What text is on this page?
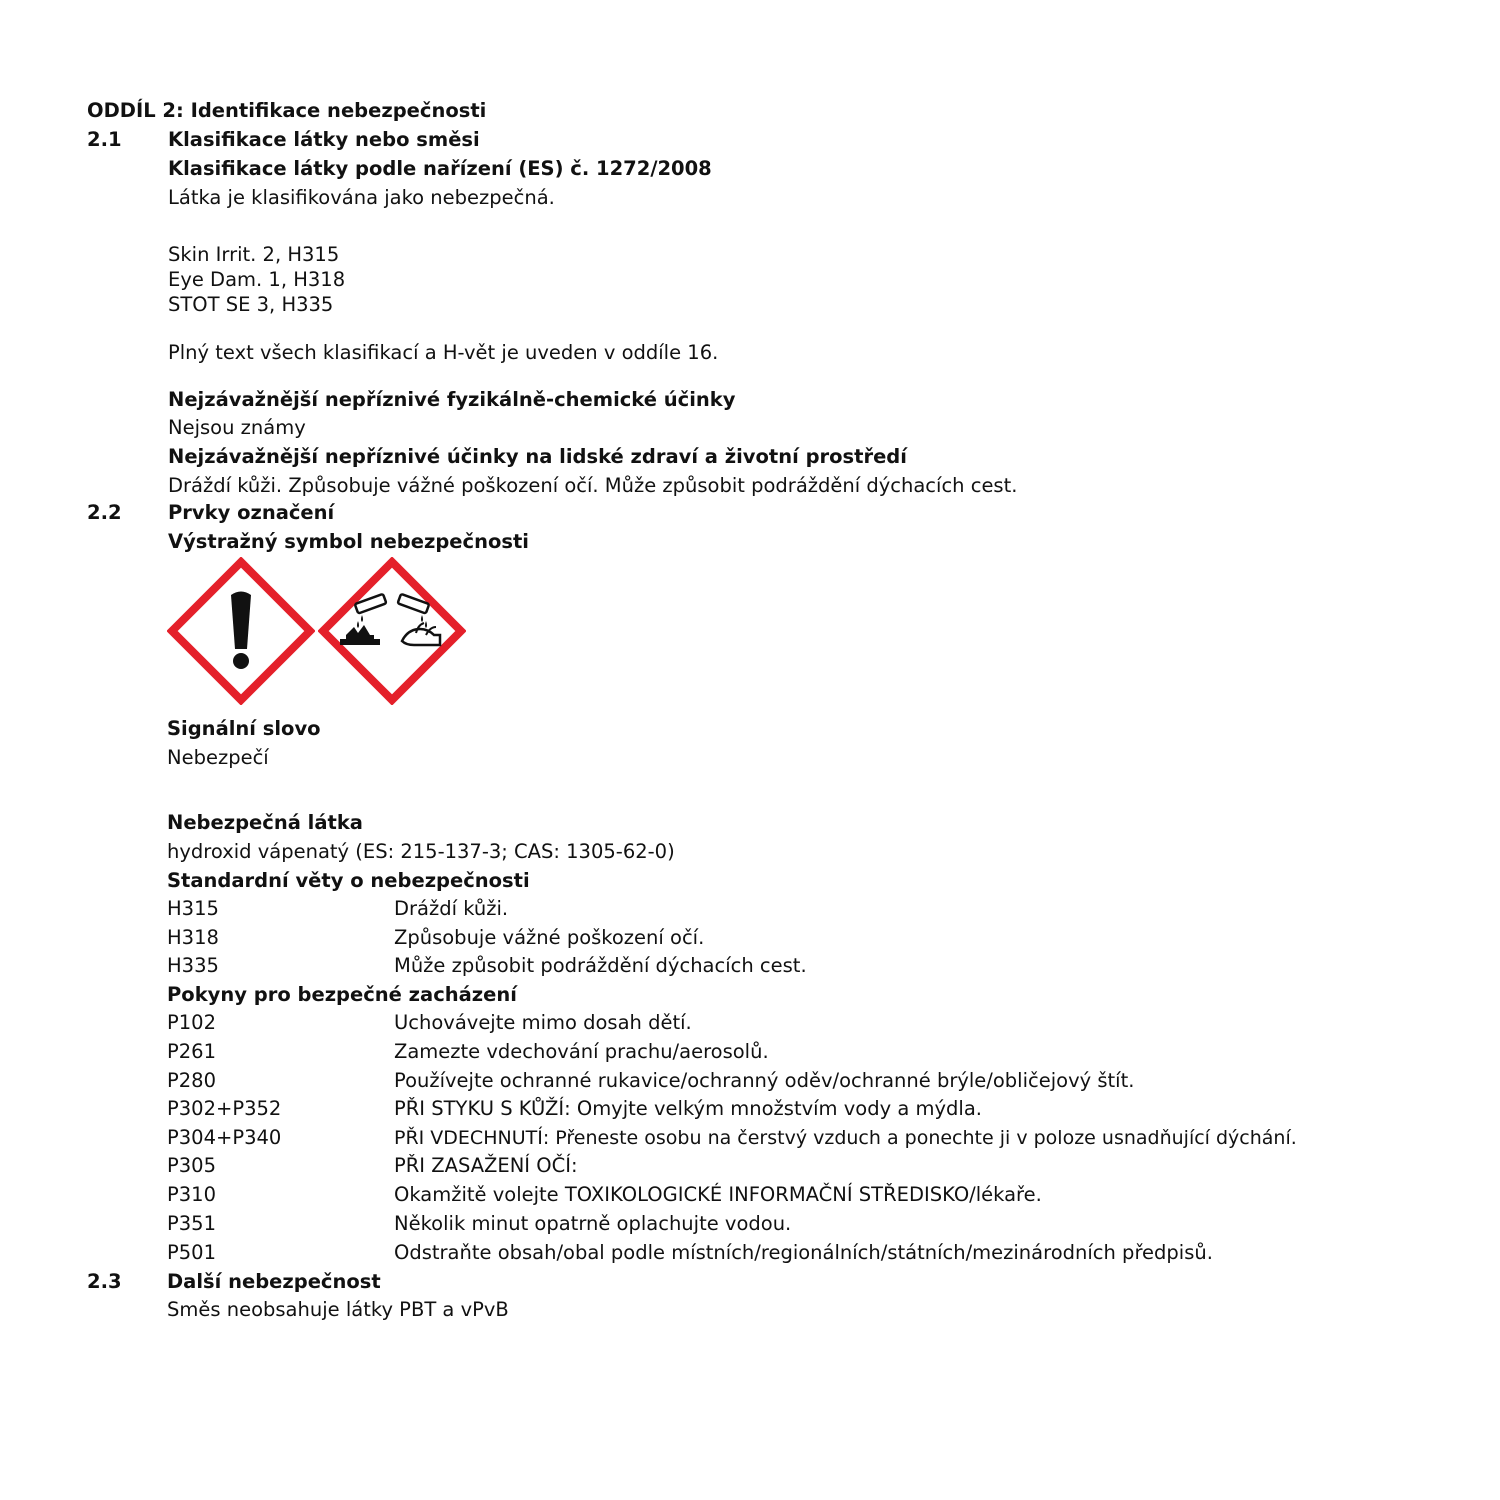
ODDÍL 2: Identifikace nebezpečnosti
2.1 Klasifikace látky nebo směsi
Klasifikace látky podle nařízení (ES) č. 1272/2008
Látka je klasifikována jako nebezpečná.
Skin Irrit. 2, H315
Eye Dam. 1, H318
STOT SE 3, H335
Plný text všech klasifikací a H-vět je uveden v oddíle 16.
Nejzávažnější nepříznivé fyzikálně-chemické účinky
Nejsou známy
Nejzávažnější nepříznivé účinky na lidské zdraví a životní prostředí
Dráždí kůži. Způsobuje vážné poškození očí. Může způsobit podráždění dýchacích cest.
2.2 Prvky označení
Výstražný symbol nebezpečnosti
Signální slovo
Nebezpečí
Nebezpečná látka
hydroxid vápenatý (ES: 215-137-3; CAS: 1305-62-0)
Standardní věty o nebezpečnosti
H315	Dráždí kůži.
H318	Způsobuje vážné poškození očí.
H335	Může způsobit podráždění dýchacích cest.
Pokyny pro bezpečné zacházení
P102	Uchovávejte mimo dosah dětí.
P261	Zamezte vdechování prachu/aerosolů.
P280	Používejte ochranné rukavice/ochranný oděv/ochranné brýle/obličejový štít.
P302+P352	PŘI STYKU S KŮŽÍ: Omyjte velkým množstvím vody a mýdla.
P304+P340	PŘI VDECHNUTÍ: Přeneste osobu na čerstvý vzduch a ponechte ji v poloze usnadňující dýchání.
P305	PŘI ZASAŽENÍ OČÍ:
P310	Okamžitě volejte TOXIKOLOGICKÉ INFORMAČNÍ STŘEDISKO/lékaře.
P351	Několik minut opatrně oplachujte vodou.
P501	Odstraňte obsah/obal podle místních/regionálních/státních/mezinárodních předpisů.
2.3 Další nebezpečnost
Směs neobsahuje látky PBT a vPvB
